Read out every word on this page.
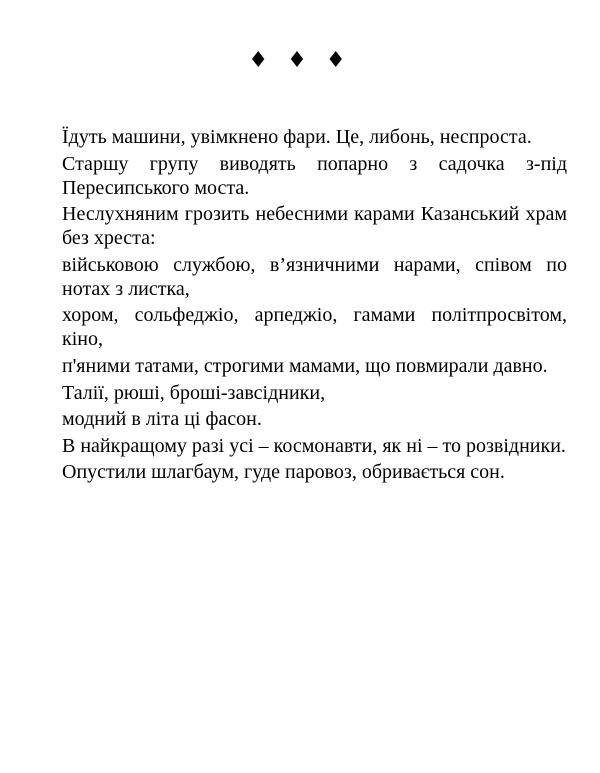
♦ ♦ ♦

Їдуть машини, увімкнено фари. Це, либонь, неспроста.

Старшу групу виводять попарно з садочка з-під Пересипського моста.

Неслухняним грозить небесними карами Казанський храм без хреста:

військовою службою, в’язничними нарами, співом по нотах з листка,

хором, сольфеджіо, арпеджіо, гамами політпросвітом, кіно,

п'яними татами, строгими мамами, що повмирали давно.

Талії, рюші, броші-завсідники,

модний в літа ці фасон.

В найкращому разі усі – космонавти, як ні – то розвідники.

Опустили шлагбаум, гуде паровоз, обривається сон.
